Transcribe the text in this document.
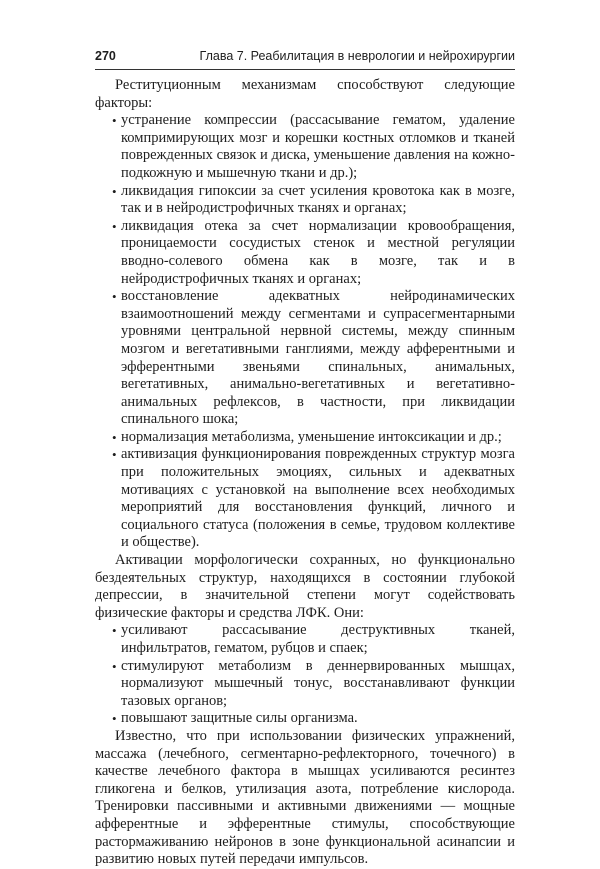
270	Глава 7. Реабилитация в неврологии и нейрохирургии

Реституционным механизмам способствуют следующие факторы:

• устранение компрессии (рассасывание гематом, удаление компримирующих мозг и корешки костных отломков и тканей поврежденных связок и диска, уменьшение давления на кожно-подкожную и мышечную ткани и др.);
• ликвидация гипоксии за счет усиления кровотока как в мозге, так и в нейродистрофичных тканях и органах;
• ликвидация отека за счет нормализации кровообращения, проницаемости сосудистых стенок и местной регуляции вводно-солевого обмена как в мозге, так и в нейродистрофичных тканях и органах;
• восстановление адекватных нейродинамических взаимоотношений между сегментами и супрасегментарными уровнями центральной нервной системы, между спинным мозгом и вегетативными ганглиями, между афферентными и эфферентными звеньями спинальных, анимальных, вегетативных, анимально-вегетативных и вегетативно-анимальных рефлексов, в частности, при ликвидации спинального шока;
• нормализация метаболизма, уменьшение интоксикации и др.;
• активизация функционирования поврежденных структур мозга при положительных эмоциях, сильных и адекватных мотивациях с установкой на выполнение всех необходимых мероприятий для восстановления функций, личного и социального статуса (положения в семье, трудовом коллективе и обществе).

Активации морфологически сохранных, но функционально бездеятельных структур, находящихся в состоянии глубокой депрессии, в значительной степени могут содействовать физические факторы и средства ЛФК. Они:

• усиливают рассасывание деструктивных тканей, инфильтратов, гематом, рубцов и спаек;
• стимулируют метаболизм в деннервированных мышцах, нормализуют мышечный тонус, восстанавливают функции тазовых органов;
• повышают защитные силы организма.

Известно, что при использовании физических упражнений, массажа (лечебного, сегментарно-рефлекторного, точечного) в качестве лечебного фактора в мышцах усиливаются ресинтез гликогена и белков, утилизация азота, потребление кислорода. Тренировки пассивными и активными движениями — мощные афферентные и эфферентные стимулы, способствующие растормаживанию нейронов в зоне функциональной асинапсии и развитию новых путей передачи импульсов.
